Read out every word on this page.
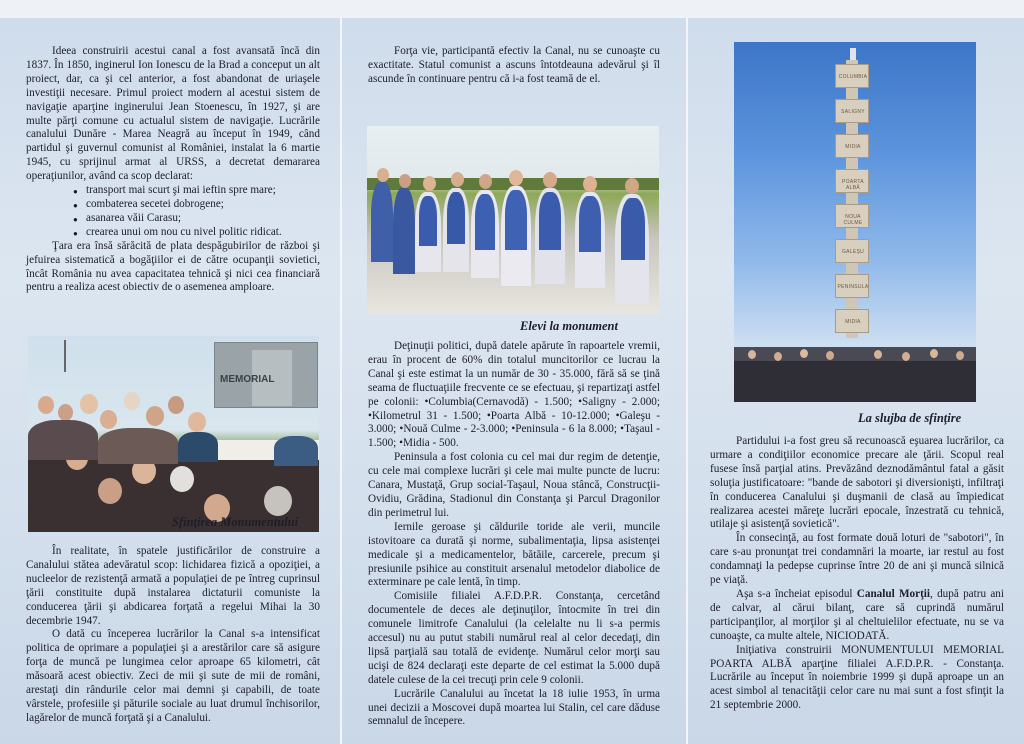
Ideea construirii acestui canal a fost avansată încă din 1837. În 1850, inginerul Ion Ionescu de la Brad a conceput un alt proiect, dar, ca şi cel anterior, a fost abandonat de uriaşele investiţii necesare. Primul proiect modern al acestui sistem de navigaţie aparţine inginerului Jean Stoenescu, în 1927, şi are multe părţi comune cu actualul sistem de navigaţie. Lucrările canalului Dunăre - Marea Neagră au început în 1949, când partidul şi guvernul comunist al României, instalat la 6 martie 1945, cu sprijinul armat al URSS, a decretat demararea operaţiunilor, având ca scop declarat:

● transport mai scurt şi mai ieftin spre mare;
● combaterea secetei dobrogene;
● asanarea văii Carasu;
● crearea unui om nou cu nivel politic ridicat.

Ţara era însă sărăcită de plata despăgubirilor de război şi jefuirea sistematică a bogăţiilor ei de către ocupanţii sovietici, încât România nu avea capacitatea tehnică şi nici cea financiară pentru a realiza acest obiectiv de o asemenea amploare.

MEMORIAL
Sfinţirea Monumentului

În realitate, în spatele justificărilor de construire a Canalului stătea adevăratul scop: lichidarea fizică a opoziţiei, a nucleelor de rezistenţă armată a populaţiei de pe întreg cuprinsul ţării constituite după instalarea dictaturii comuniste la conducerea ţării şi abdicarea forţată a regelui Mihai la 30 decembrie 1947.

O dată cu începerea lucrărilor la Canal s-a intensificat politica de oprimare a populaţiei şi a arestărilor care să asigure forţa de muncă pe lungimea celor aproape 65 kilometri, cât măsoară acest obiectiv. Zeci de mii şi sute de mii de români, arestaţi din rândurile celor mai demni şi capabili, de toate vârstele, profesiile şi păturile sociale au luat drumul închisorilor, lagărelor de muncă forţată şi a Canalului.

Forţa vie, participantă efectiv la Canal, nu se cunoaşte cu exactitate. Statul comunist a ascuns întotdeauna adevărul şi îl ascunde în continuare pentru că i-a fost teamă de el.

Elevi la monument

Deţinuţii politici, după datele apărute în rapoartele vremii, erau în procent de 60% din totalul muncitorilor ce lucrau la Canal şi este estimat la un număr de 30 - 35.000, fără să se ţină seama de fluctuaţiile frecvente ce se efectuau, şi repartizaţi astfel pe colonii: •Columbia(Cernavodă) - 1.500; •Saligny - 2.000; •Kilometrul 31 - 1.500; •Poarta Albă - 10-12.000; •Galeşu - 3.000; •Nouă Culme - 2-3.000; •Peninsula - 6 la 8.000; •Taşaul - 1.500; •Midia - 500.

Peninsula a fost colonia cu cel mai dur regim de detenţie, cu cele mai complexe lucrări şi cele mai multe puncte de lucru: Canara, Mustaţă, Grup social-Taşaul, Noua stâncă, Construcţii-Ovidiu, Grădina, Stadionul din Constanţa şi Parcul Dragonilor din perimetrul lui.

Iernile geroase şi căldurile toride ale verii, muncile istovitoare ca durată şi norme, subalimentaţia, lipsa asistenţei medicale şi a medicamentelor, bătăile, carcerele, precum şi presiunile psihice au constituit arsenalul metodelor diabolice de exterminare pe cale lentă, în timp.

Comisiile filialei A.F.D.P.R. Constanţa, cercetând documentele de deces ale deţinuţilor, întocmite în trei din comunele limitrofe Canalului (la celelalte nu li s-a permis accesul) nu au putut stabili numărul real al celor decedaţi, din lipsă parţială sau totală de evidenţe. Numărul celor morţi sau ucişi de 824 declaraţi este departe de cel estimat la 5.000 după datele culese de la cei trecuţi prin cele 9 colonii.

Lucrările Canalului au încetat la 18 iulie 1953, în urma unei decizii a Moscovei după moartea lui Stalin, cel care dăduse semnalul de începere.

COLUMBIA
SALIGNY
MIDIA
POARTA ALBĂ
NOUA CULME
GALEŞU
PENINSULA
MIDIA
La slujba de sfinţire

Partidului i-a fost greu să recunoască eşuarea lucrărilor, ca urmare a condiţiilor economice precare ale ţării. Scopul real fusese însă parţial atins. Prevăzând deznodământul fatal a găsit soluţia justificatoare: "bande de sabotori şi diversionişti, infiltraţi în conducerea Canalului şi duşmanii de clasă au împiedicat realizarea acestei măreţe lucrări epocale, înzestrată cu tehnică, utilaje şi asistenţă sovietică".

În consecinţă, au fost formate două loturi de "sabotori", în care s-au pronunţat trei condamnări la moarte, iar restul au fost condamnaţi la pedepse cuprinse între 20 de ani şi muncă silnică pe viaţă.

Aşa s-a încheiat episodul Canalul Morţii, după patru ani de calvar, al cărui bilanţ, care să cuprindă numărul participanţilor, al morţilor şi al cheltuielilor efectuate, nu se va cunoaşte, ca multe altele, NICIODATĂ.

Iniţiativa construirii MONUMENTULUI MEMORIAL POARTA ALBĂ aparţine filialei A.F.D.P.R. - Constanţa. Lucrările au început în noiembrie 1999 şi după aproape un an acest simbol al tenacităţii celor care nu mai sunt a fost sfinţit la 21 septembrie 2000.
